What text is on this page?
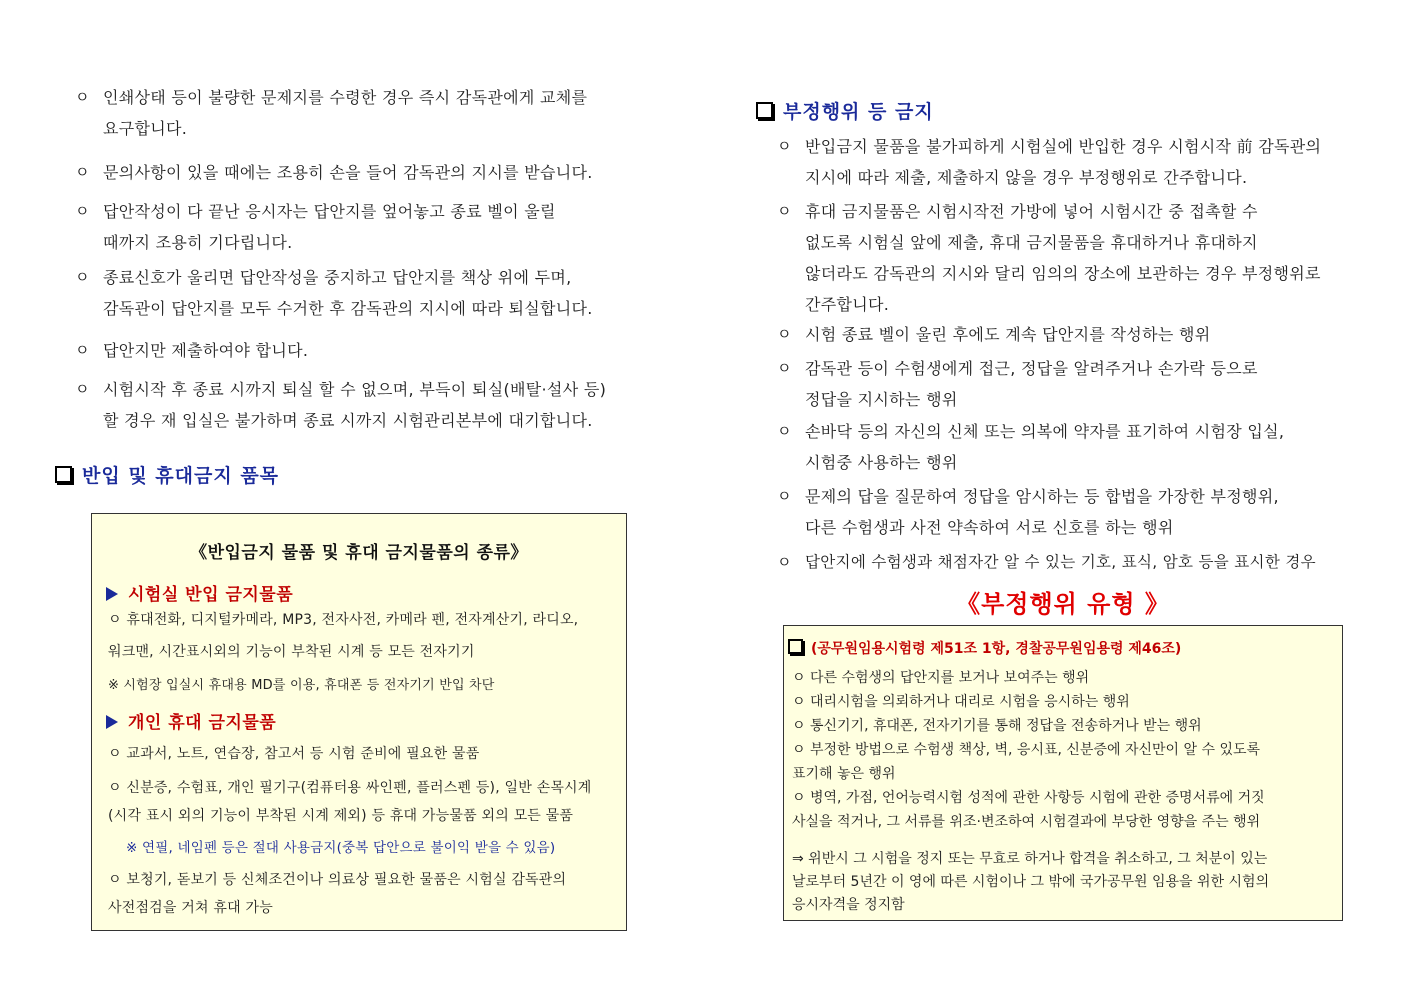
ㅇ 인쇄상태 등이 불량한 문제지를 수령한 경우 즉시 감독관에게 교체를
요구합니다.
ㅇ 문의사항이 있을 때에는 조용히 손을 들어 감독관의 지시를 받습니다.
ㅇ 답안작성이 다 끝난 응시자는 답안지를 엎어놓고 종료 벨이 울릴
때까지 조용히 기다립니다.
ㅇ 종료신호가 울리면 답안작성을 중지하고 답안지를 책상 위에 두며,
감독관이 답안지를 모두 수거한 후 감독관의 지시에 따라 퇴실합니다.
ㅇ 답안지만 제출하여야 합니다.
ㅇ 시험시작 후 종료 시까지 퇴실 할 수 없으며, 부득이 퇴실(배탈·설사 등)
할 경우 재 입실은 불가하며 종료 시까지 시험관리본부에 대기합니다.
반입 및 휴대금지 품목
《반입금지 물품 및 휴대 금지물품의 종류》
시험실 반입 금지물품
ㅇ 휴대전화, 디지털카메라, MP3, 전자사전, 카메라 펜, 전자계산기, 라디오,
워크맨, 시간표시외의 기능이 부착된 시계 등 모든 전자기기
※ 시험장 입실시 휴대용 MD를 이용, 휴대폰 등 전자기기 반입 차단
개인 휴대 금지물품
ㅇ 교과서, 노트, 연습장, 참고서 등 시험 준비에 필요한 물품
ㅇ 신분증, 수험표, 개인 필기구(컴퓨터용 싸인펜, 플러스펜 등), 일반 손목시계
(시각 표시 외의 기능이 부착된 시계 제외) 등 휴대 가능물품 외의 모든 물품
※ 연필, 네임펜 등은 절대 사용금지(중복 답안으로 불이익 받을 수 있음)
ㅇ 보청기, 돋보기 등 신체조건이나 의료상 필요한 물품은 시험실 감독관의
사전점검을 거쳐 휴대 가능
부정행위 등 금지
ㅇ 반입금지 물품을 불가피하게 시험실에 반입한 경우 시험시작 前 감독관의
지시에 따라 제출, 제출하지 않을 경우 부정행위로 간주합니다.
ㅇ 휴대 금지물품은 시험시작전 가방에 넣어 시험시간 중 접촉할 수
없도록 시험실 앞에 제출, 휴대 금지물품을 휴대하거나 휴대하지
않더라도 감독관의 지시와 달리 임의의 장소에 보관하는 경우 부정행위로
간주합니다.
ㅇ 시험 종료 벨이 울린 후에도 계속 답안지를 작성하는 행위
ㅇ 감독관 등이 수험생에게 접근, 정답을 알려주거나 손가락 등으로
정답을 지시하는 행위
ㅇ 손바닥 등의 자신의 신체 또는 의복에 약자를 표기하여 시험장 입실,
시험중 사용하는 행위
ㅇ 문제의 답을 질문하여 정답을 암시하는 등 합법을 가장한 부정행위,
다른 수험생과 사전 약속하여 서로 신호를 하는 행위
ㅇ 답안지에 수험생과 채점자간 알 수 있는 기호, 표식, 암호 등을 표시한 경우
《부정행위 유형 》
(공무원임용시험령 제51조 1항, 경찰공무원임용령 제46조)
ㅇ 다른 수험생의 답안지를 보거나 보여주는 행위
ㅇ 대리시험을 의뢰하거나 대리로 시험을 응시하는 행위
ㅇ 통신기기, 휴대폰, 전자기기를 통해 정답을 전송하거나 받는 행위
ㅇ 부정한 방법으로 수험생 책상, 벽, 응시표, 신분증에 자신만이 알 수 있도록
표기해 놓은 행위
ㅇ 병역, 가점, 언어능력시험 성적에 관한 사항등 시험에 관한 증명서류에 거짓
사실을 적거나, 그 서류를 위조·변조하여 시험결과에 부당한 영향을 주는 행위
⇒ 위반시 그 시험을 정지 또는 무효로 하거나 합격을 취소하고, 그 처분이 있는
날로부터 5년간 이 영에 따른 시험이나 그 밖에 국가공무원 임용을 위한 시험의
응시자격을 정지함
